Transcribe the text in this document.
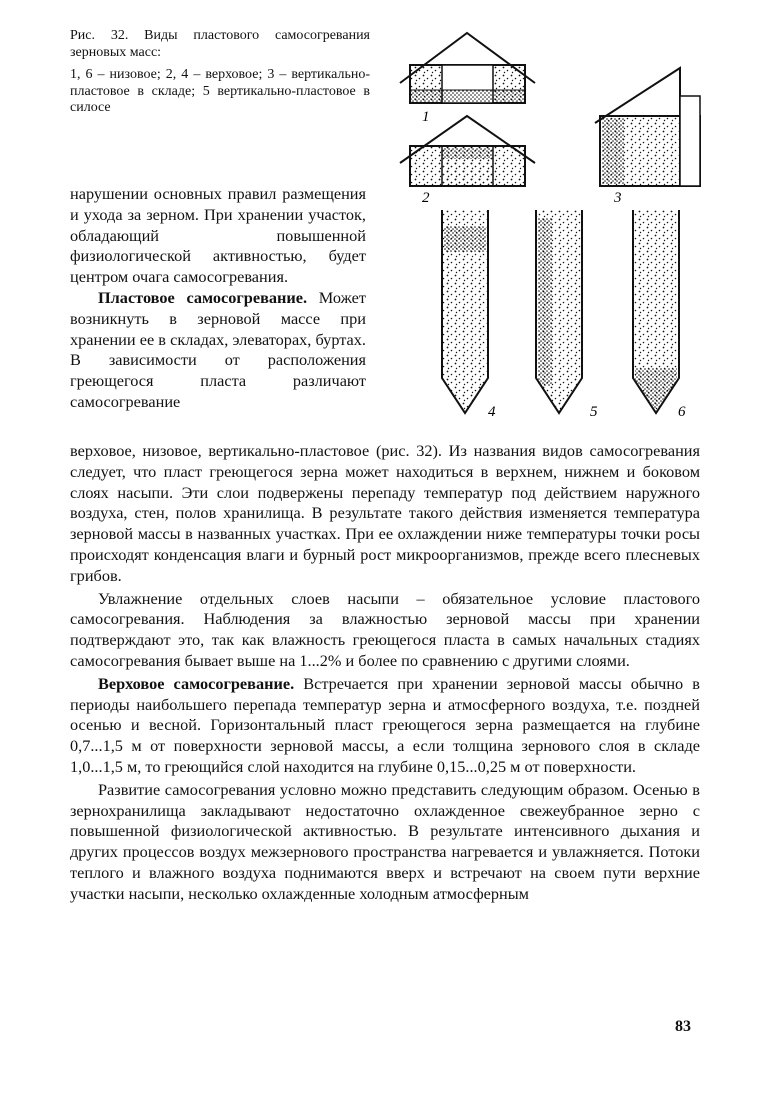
Рис. 32. Виды пластового самосогревания зерновых масс:

1, 6 – низовое; 2, 4 – верховое; 3 – вертикально-пластовое в складе; 5 вертикально-пластовое в силосе

1
2	3
4	5	6

нарушении основных правил размещения и ухода за зерном. При хранении участок, обладающий повышенной физиологической активностью, будет центром очага самосогревания.

Пластовое самосогревание. Может возникнуть в зерновой массе при хранении ее в складах, элеваторах, буртах. В зависимости от расположения греющегося пласта различают самосогревание

верховое, низовое, вертикально-пластовое (рис. 32). Из названия видов самосогревания следует, что пласт греющегося зерна может находиться в верхнем, нижнем и боковом слоях насыпи. Эти слои подвержены перепаду температур под действием наружного воздуха, стен, полов хранилища. В результате такого действия изменяется температура зерновой массы в названных участках. При ее охлаждении ниже температуры точки росы происходят конденсация влаги и бурный рост микроорганизмов, прежде всего плесневых грибов.

Увлажнение отдельных слоев насыпи – обязательное условие пластового самосогревания. Наблюдения за влажностью зерновой массы при хранении подтверждают это, так как влажность греющегося пласта в самых начальных стадиях самосогревания бывает выше на 1...2% и более по сравнению с другими слоями.

Верховое самосогревание. Встречается при хранении зерновой массы обычно в периоды наибольшего перепада температур зерна и атмосферного воздуха, т.е. поздней осенью и весной. Горизонтальный пласт греющегося зерна размещается на глубине 0,7...1,5 м от поверхности зерновой массы, а если толщина зернового слоя в складе 1,0...1,5 м, то греющийся слой находится на глубине 0,15...0,25 м от поверхности.

Развитие самосогревания условно можно представить следующим образом. Осенью в зернохранилища закладывают недостаточно охлажденное свежеубранное зерно с повышенной физиологической активностью. В результате интенсивного дыхания и других процессов воздух межзернового пространства нагревается и увлажняется. Потоки теплого и влажного воздуха поднимаются вверх и встречают на своем пути верхние участки насыпи, несколько охлажденные холодным атмосферным

83
